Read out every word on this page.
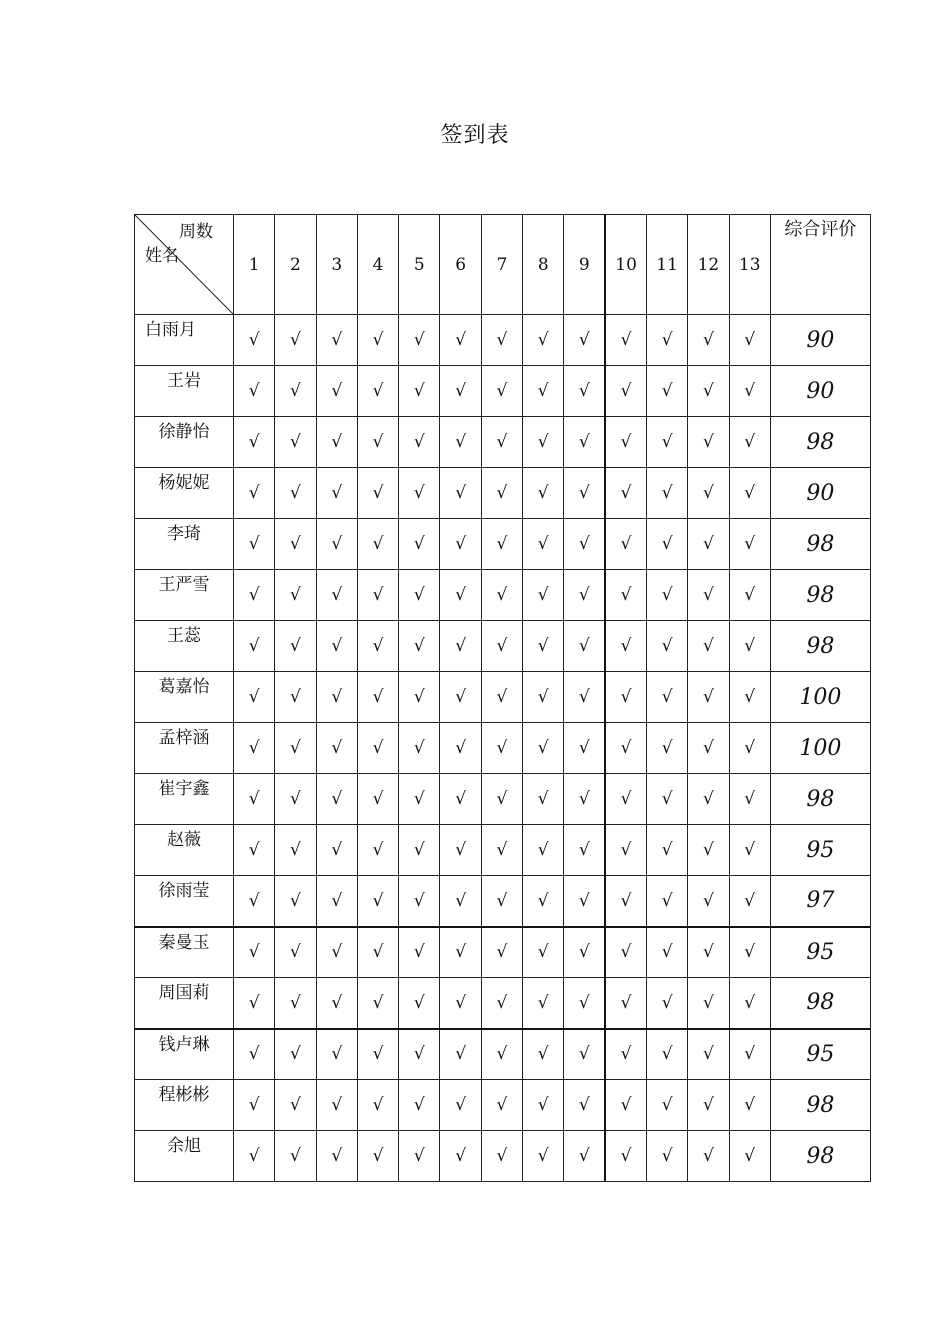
签到表
周数
姓名	1	2	3	4	5	6	7	8	9	10	11	12	13	综合评价
白雨月	√	√	√	√	√	√	√	√	√	√	√	√	√	90
王岩	√	√	√	√	√	√	√	√	√	√	√	√	√	90
徐静怡	√	√	√	√	√	√	√	√	√	√	√	√	√	98
杨妮妮	√	√	√	√	√	√	√	√	√	√	√	√	√	90
李琦	√	√	√	√	√	√	√	√	√	√	√	√	√	98
王严雪	√	√	√	√	√	√	√	√	√	√	√	√	√	98
王蕊	√	√	√	√	√	√	√	√	√	√	√	√	√	98
葛嘉怡	√	√	√	√	√	√	√	√	√	√	√	√	√	100
孟梓涵	√	√	√	√	√	√	√	√	√	√	√	√	√	100
崔宇鑫	√	√	√	√	√	√	√	√	√	√	√	√	√	98
赵薇	√	√	√	√	√	√	√	√	√	√	√	√	√	95
徐雨莹	√	√	√	√	√	√	√	√	√	√	√	√	√	97
秦曼玉	√	√	√	√	√	√	√	√	√	√	√	√	√	95
周国莉	√	√	√	√	√	√	√	√	√	√	√	√	√	98
钱卢琳	√	√	√	√	√	√	√	√	√	√	√	√	√	95
程彬彬	√	√	√	√	√	√	√	√	√	√	√	√	√	98
余旭	√	√	√	√	√	√	√	√	√	√	√	√	√	98
